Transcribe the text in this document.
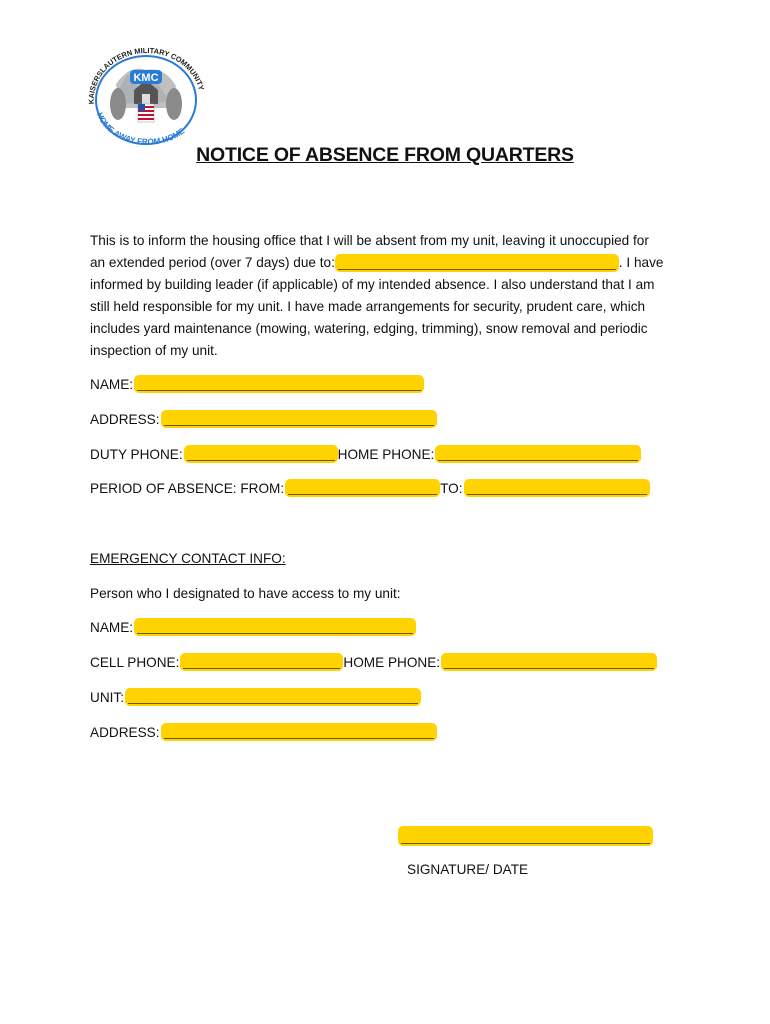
KMC
KAISERSLAUTERN MILITARY COMMUNITY
HOME AWAY FROM HOME
NOTICE OF ABSENCE FROM QUARTERS
This is to inform the housing office that I will be absent from my unit, leaving it unoccupied for
an extended period (over 7 days) due to:	. I have
informed by building leader (if applicable) of my intended absence. I also understand that I am
still held responsible for my unit. I have made arrangements for security, prudent care, which
includes yard maintenance (mowing, watering, edging, trimming), snow removal and periodic
inspection of my unit.
NAME:
ADDRESS:
DUTY PHONE:	HOME PHONE:
PERIOD OF ABSENCE: FROM:	TO:
EMERGENCY CONTACT INFO:
Person who I designated to have access to my unit:
NAME:
CELL PHONE:	HOME PHONE:
UNIT:
ADDRESS:
SIGNATURE/ DATE
